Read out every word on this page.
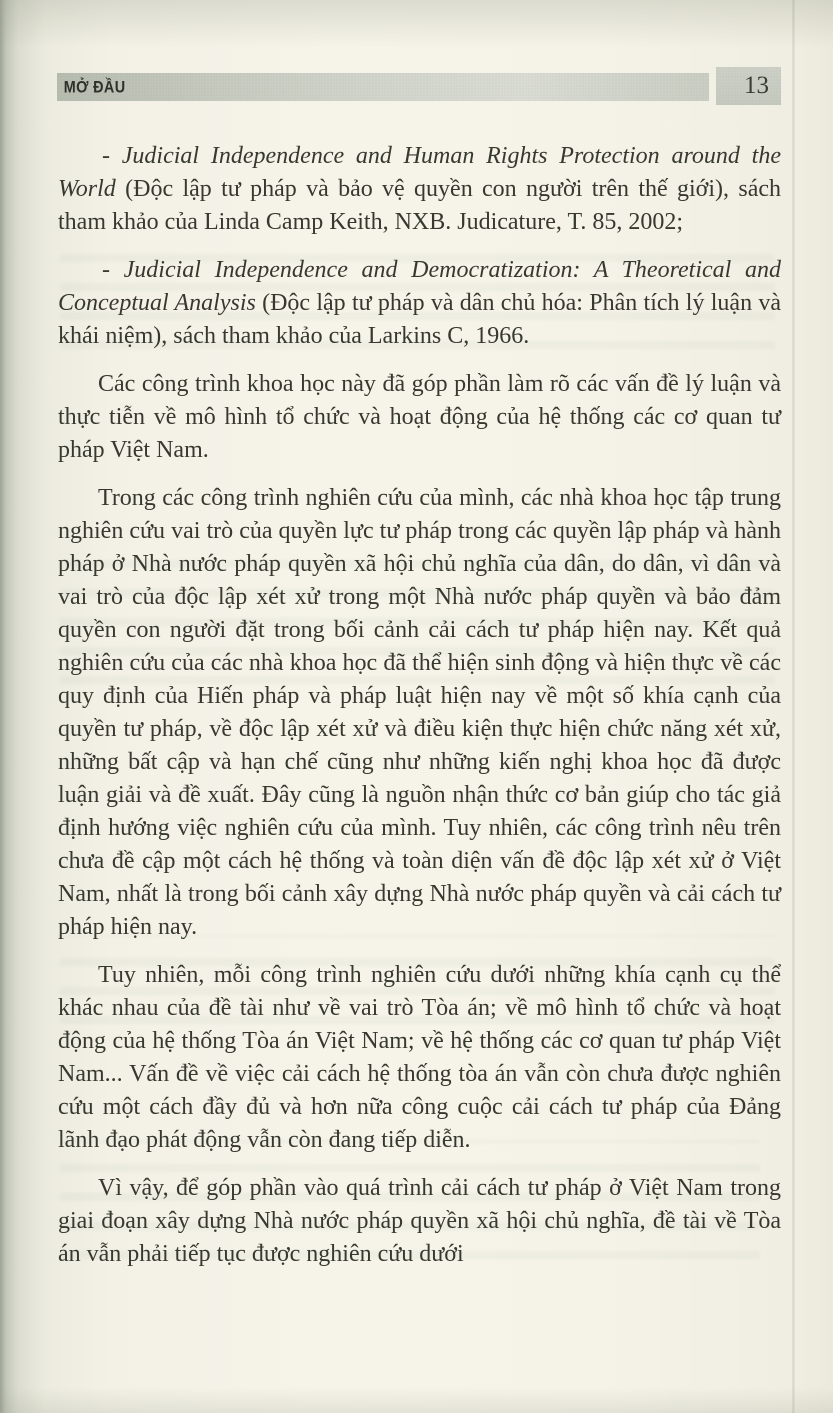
MỞ ĐẦU	13

- Judicial Independence and Human Rights Protection around the World (Độc lập tư pháp và bảo vệ quyền con người trên thế giới), sách tham khảo của Linda Camp Keith, NXB. Judicature, T. 85, 2002;

- Judicial Independence and Democratization: A Theoretical and Conceptual Analysis (Độc lập tư pháp và dân chủ hóa: Phân tích lý luận và khái niệm), sách tham khảo của Larkins C, 1966.

Các công trình khoa học này đã góp phần làm rõ các vấn đề lý luận và thực tiễn về mô hình tổ chức và hoạt động của hệ thống các cơ quan tư pháp Việt Nam.

Trong các công trình nghiên cứu của mình, các nhà khoa học tập trung nghiên cứu vai trò của quyền lực tư pháp trong các quyền lập pháp và hành pháp ở Nhà nước pháp quyền xã hội chủ nghĩa của dân, do dân, vì dân và vai trò của độc lập xét xử trong một Nhà nước pháp quyền và bảo đảm quyền con người đặt trong bối cảnh cải cách tư pháp hiện nay. Kết quả nghiên cứu của các nhà khoa học đã thể hiện sinh động và hiện thực về các quy định của Hiến pháp và pháp luật hiện nay về một số khía cạnh của quyền tư pháp, về độc lập xét xử và điều kiện thực hiện chức năng xét xử, những bất cập và hạn chế cũng như những kiến nghị khoa học đã được luận giải và đề xuất. Đây cũng là nguồn nhận thức cơ bản giúp cho tác giả định hướng việc nghiên cứu của mình. Tuy nhiên, các công trình nêu trên chưa đề cập một cách hệ thống và toàn diện vấn đề độc lập xét xử ở Việt Nam, nhất là trong bối cảnh xây dựng Nhà nước pháp quyền và cải cách tư pháp hiện nay.

Tuy nhiên, mỗi công trình nghiên cứu dưới những khía cạnh cụ thể khác nhau của đề tài như về vai trò Tòa án; về mô hình tổ chức và hoạt động của hệ thống Tòa án Việt Nam; về hệ thống các cơ quan tư pháp Việt Nam... Vấn đề về việc cải cách hệ thống tòa án vẫn còn chưa được nghiên cứu một cách đầy đủ và hơn nữa công cuộc cải cách tư pháp của Đảng lãnh đạo phát động vẫn còn đang tiếp diễn.

Vì vậy, để góp phần vào quá trình cải cách tư pháp ở Việt Nam trong giai đoạn xây dựng Nhà nước pháp quyền xã hội chủ nghĩa, đề tài về Tòa án vẫn phải tiếp tục được nghiên cứu dưới
